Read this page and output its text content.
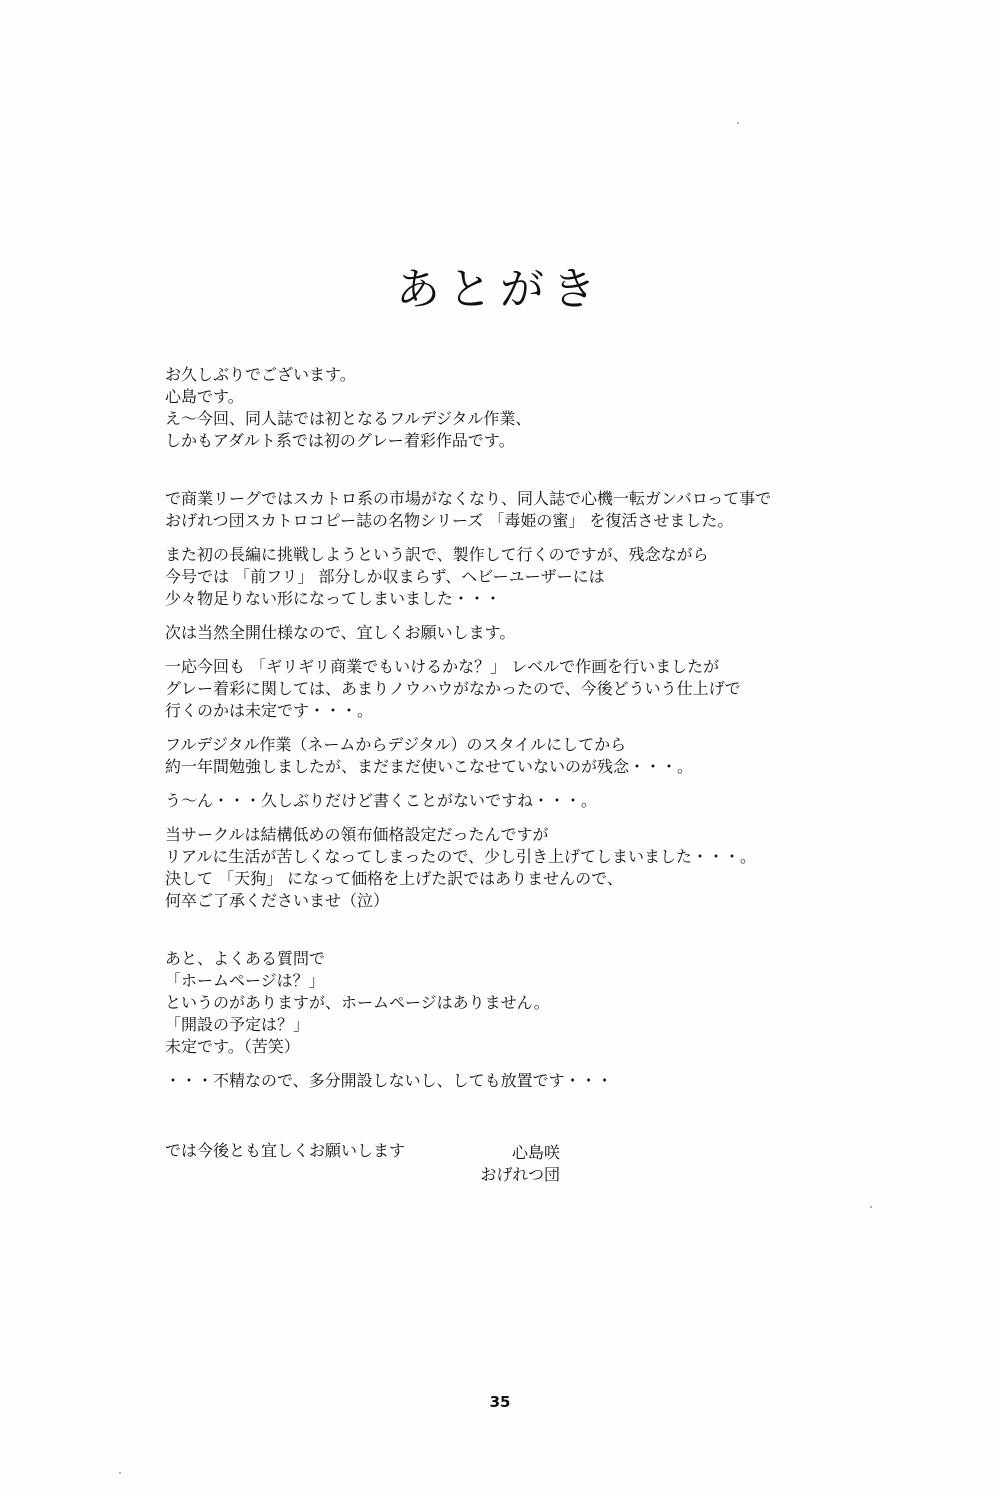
あとがき

お久しぶりでございます。
心島です。
え～今回、同人誌では初となるフルデジタル作業、
しかもアダルト系では初のグレー着彩作品です。

で商業リーグではスカトロ系の市場がなくなり、同人誌で心機一転ガンバロって事で
おげれつ団スカトロコピー誌の名物シリーズ 「毒姫の蜜」 を復活させました。

また初の長編に挑戦しようという訳で、製作して行くのですが、残念ながら
今号では 「前フリ」 部分しか収まらず、ヘビーユーザーには
少々物足りない形になってしまいました・・・

次は当然全開仕様なので、宜しくお願いします。

一応今回も 「ギリギリ商業でもいけるかな？」 レベルで作画を行いましたが
グレー着彩に関しては、あまりノウハウがなかったので、今後どういう仕上げで
行くのかは未定です・・・。

フルデジタル作業（ネームからデジタル）のスタイルにしてから
約一年間勉強しましたが、まだまだ使いこなせていないのが残念・・・。

う～ん・・・久しぶりだけど書くことがないですね・・・。

当サークルは結構低めの領布価格設定だったんですが
リアルに生活が苦しくなってしまったので、少し引き上げてしまいました・・・。
決して 「天狗」 になって価格を上げた訳ではありませんので、
何卒ご了承くださいませ（泣）

あと、よくある質問で
「ホームページは？」
というのがありますが、ホームページはありません。
「開設の予定は？」
未定です。（苦笑）

・・・不精なので、多分開設しないし、しても放置です・・・

では今後とも宜しくお願いします	心島咲
おげれつ団
35
